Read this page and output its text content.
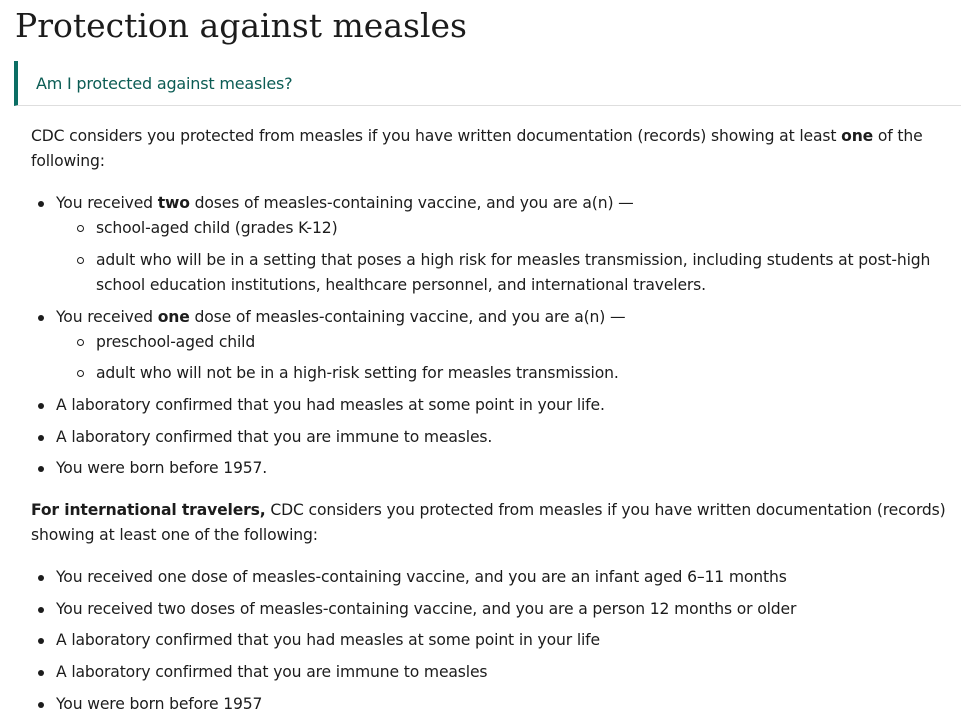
Protection against measles
Am I protected against measles?

CDC considers you protected from measles if you have written documentation (records) showing at least one of the following:

You received two doses of measles-containing vaccine, and you are a(n) —
school-aged child (grades K-12)
adult who will be in a setting that poses a high risk for measles transmission, including students at post-high school education institutions, healthcare personnel, and international travelers.
You received one dose of measles-containing vaccine, and you are a(n) —
preschool-aged child
adult who will not be in a high-risk setting for measles transmission.
A laboratory confirmed that you had measles at some point in your life.
A laboratory confirmed that you are immune to measles.
You were born before 1957.

For international travelers, CDC considers you protected from measles if you have written documentation (records) showing at least one of the following:

You received one dose of measles-containing vaccine, and you are an infant aged 6–11 months
You received two doses of measles-containing vaccine, and you are a person 12 months or older
A laboratory confirmed that you had measles at some point in your life
A laboratory confirmed that you are immune to measles
You were born before 1957
